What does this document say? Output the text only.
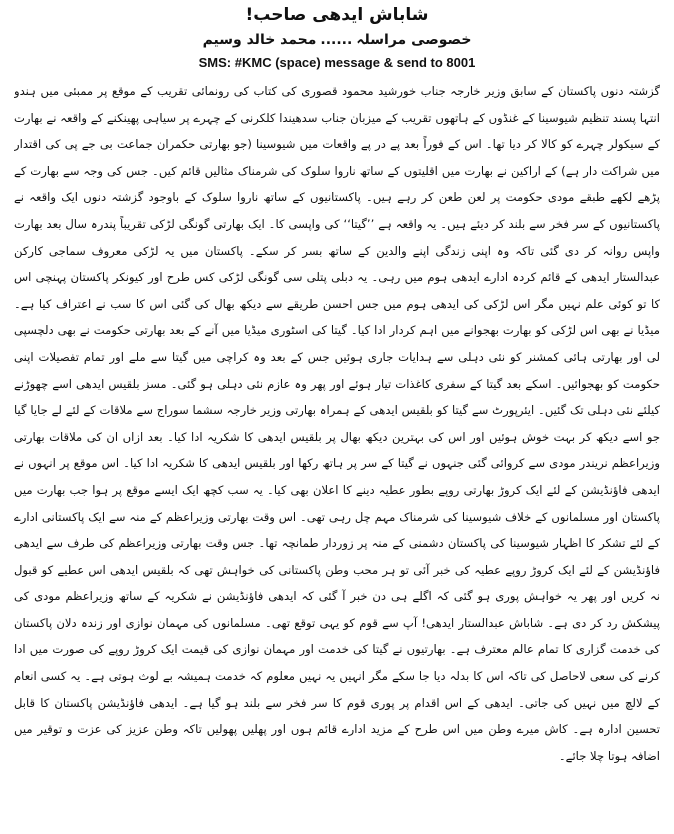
شاباش ایدھی صاحب!
خصوصی مراسلہ......محمد خالد وسیم
SMS: #KMC (space) message & send to 8001

گزشتہ دنوں پاکستان کے سابق وزیر خارجہ جناب خورشید محمود قصوری کی کتاب کی رونمائی تقریب کے موقع پر ممبئی میں ہندو انتہا پسند تنظیم شیوسینا کے غنڈوں کے ہاتھوں تقریب کے میزبان جناب سدھیندا کلکرنی کے چہرے پر سیاہی پھینکنے کے واقعہ نے بھارت کے سیکولر چہرے کو کالا کر دیا تھا۔ اس کے فوراً بعد پے در پے واقعات میں شیوسینا (جو بھارتی حکمران جماعت بی جے پی کی اقتدار میں شراکت دار ہے) کے اراکین نے بھارت میں اقلیتوں کے ساتھ ناروا سلوک کی شرمناک مثالیں قائم کیں۔ جس کی وجہ سے بھارت کے پڑھے لکھے طبقے مودی حکومت پر لعن طعن کر رہے ہیں۔ پاکستانیوں کے ساتھ ناروا سلوک کے باوجود گزشتہ دنوں ایک واقعہ نے پاکستانیوں کے سر فخر سے بلند کر دیئے ہیں۔ یہ واقعہ ہے ’’گیتا‘‘ کی واپسی کا۔ ایک بھارتی گونگی لڑکی تقریباً پندرہ سال بعد بھارت واپس روانہ کر دی گئی تاکہ وہ اپنی زندگی اپنے والدین کے ساتھ بسر کر سکے۔ پاکستان میں یہ لڑکی معروف سماجی کارکن عبدالستار ایدھی کے قائم کردہ ادارے ایدھی ہوم میں رہی۔ یہ دبلی پتلی سی گونگی لڑکی کس طرح اور کیونکر پاکستان پہنچی اس کا تو کوئی علم نہیں مگر اس لڑکی کی ایدھی ہوم میں جس احسن طریقے سے دیکھ بھال کی گئی اس کا سب نے اعتراف کیا ہے۔ میڈیا نے بھی اس لڑکی کو بھارت بھجوانے میں اہم کردار ادا کیا۔ گیتا کی اسٹوری میڈیا میں آنے کے بعد بھارتی حکومت نے بھی دلچسپی لی اور بھارتی ہائی کمشنر کو نئی دہلی سے ہدایات جاری ہوئیں جس کے بعد وہ کراچی میں گیتا سے ملے اور تمام تفصیلات اپنی حکومت کو بھجوائیں۔ اسکے بعد گیتا کے سفری کاغذات تیار ہوئے اور پھر وہ عازم نئی دہلی ہو گئی۔ مسز بلقیس ایدھی اسے چھوڑنے کیلئے نئی دہلی تک گئیں۔ ایئرپورٹ سے گیتا کو بلقیس ایدھی کے ہمراہ بھارتی وزیر خارجہ سشما سوراج سے ملاقات کے لئے لے جایا گیا جو اسے دیکھ کر بہت خوش ہوئیں اور اس کی بہترین دیکھ بھال پر بلقیس ایدھی کا شکریہ ادا کیا۔ بعد ازاں ان کی ملاقات بھارتی وزیراعظم نریندر مودی سے کروائی گئی جنہوں نے گیتا کے سر پر ہاتھ رکھا اور بلقیس ایدھی کا شکریہ ادا کیا۔ اس موقع پر انہوں نے ایدھی فاؤنڈیشن کے لئے ایک کروڑ بھارتی روپے بطور عطیہ دینے کا اعلان بھی کیا۔ یہ سب کچھ ایک ایسے موقع پر ہوا جب بھارت میں پاکستان اور مسلمانوں کے خلاف شیوسینا کی شرمناک مہم چل رہی تھی۔ اس وقت بھارتی وزیراعظم کے منہ سے ایک پاکستانی ادارے کے لئے تشکر کا اظہار شیوسینا کی پاکستان دشمنی کے منہ پر زوردار طمانچہ تھا۔ جس وقت بھارتی وزیراعظم کی طرف سے ایدھی فاؤنڈیشن کے لئے ایک کروڑ روپے عطیہ کی خبر آئی تو ہر محب وطن پاکستانی کی خواہش تھی کہ بلقیس ایدھی اس عطیے کو قبول نہ کریں اور پھر یہ خواہش پوری ہو گئی کہ اگلے ہی دن خبر آ گئی کہ ایدھی فاؤنڈیشن نے شکریہ کے ساتھ وزیراعظم مودی کی پیشکش رد کر دی ہے۔ شاباش عبدالستار ایدھی! آپ سے قوم کو یہی توقع تھی۔ مسلمانوں کی مہمان نوازی اور زندہ دلان پاکستان کی خدمت گزاری کا تمام عالم معترف ہے۔ بھارتیوں نے گیتا کی خدمت اور مہمان نوازی کی قیمت ایک کروڑ روپے کی صورت میں ادا کرنے کی سعی لاحاصل کی تاکہ اس کا بدلہ دیا جا سکے مگر انہیں یہ نہیں معلوم کہ خدمت ہمیشہ بے لوث ہوتی ہے۔ یہ کسی انعام کے لالچ میں نہیں کی جاتی۔ ایدھی کے اس اقدام پر پوری قوم کا سر فخر سے بلند ہو گیا ہے۔ ایدھی فاؤنڈیشن پاکستان کا قابل تحسین ادارہ ہے۔ کاش میرے وطن میں اس طرح کے مزید ادارے قائم ہوں اور پھلیں پھولیں تاکہ وطن عزیز کی عزت و توقیر میں اضافہ ہوتا چلا جائے۔
